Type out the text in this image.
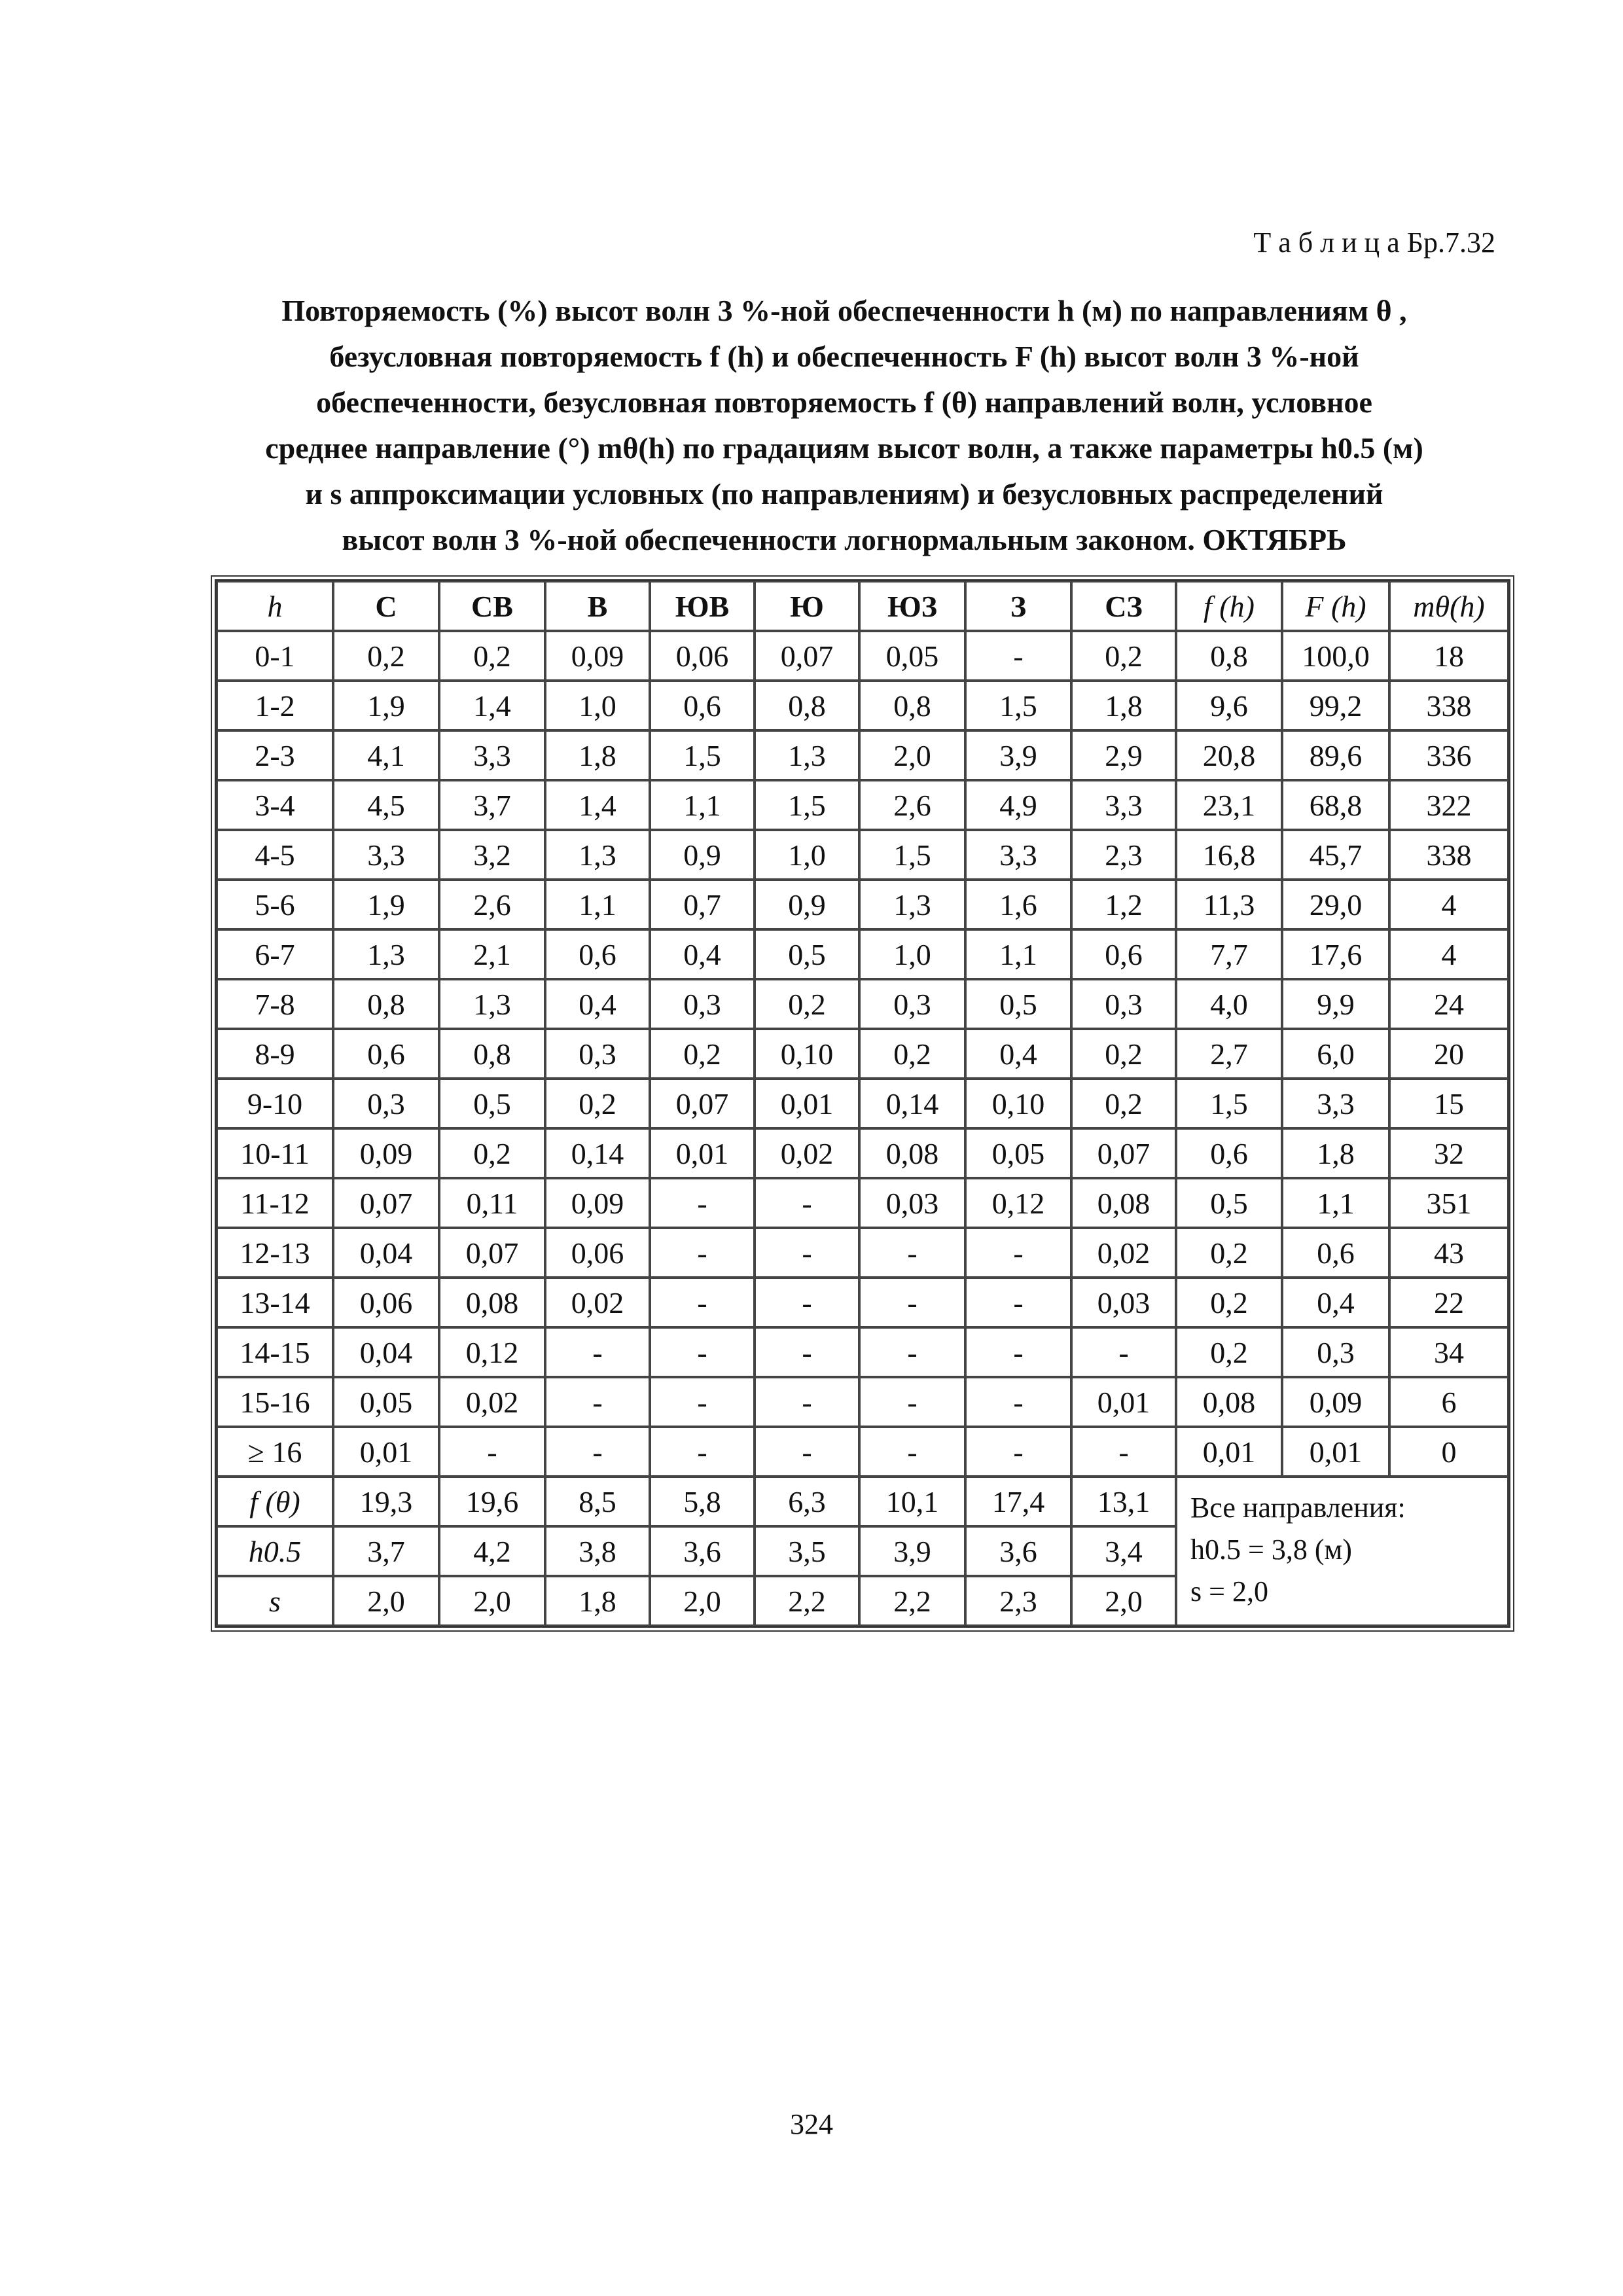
Т а б л и ц а Бр.7.32
Повторяемость (%) высот волн 3 %-ной обеспеченности h (м) по направлениям θ ,
безусловная повторяемость f (h) и обеспеченность F (h) высот волн 3 %-ной
обеспеченности, безусловная повторяемость f (θ) направлений волн, условное
среднее направление (°) mθ(h) по градациям высот волн, а также параметры h0.5 (м)
и s аппроксимации условных (по направлениям) и безусловных распределений
высот волн 3 %-ной обеспеченности логнормальным законом. ОКТЯБРЬ
h	С	СВ	В	ЮВ	Ю	ЮЗ	З	СЗ	f (h)	F (h)	mθ(h)
0-1	0,2	0,2	0,09	0,06	0,07	0,05	-	0,2	0,8	100,0	18
1-2	1,9	1,4	1,0	0,6	0,8	0,8	1,5	1,8	9,6	99,2	338
2-3	4,1	3,3	1,8	1,5	1,3	2,0	3,9	2,9	20,8	89,6	336
3-4	4,5	3,7	1,4	1,1	1,5	2,6	4,9	3,3	23,1	68,8	322
4-5	3,3	3,2	1,3	0,9	1,0	1,5	3,3	2,3	16,8	45,7	338
5-6	1,9	2,6	1,1	0,7	0,9	1,3	1,6	1,2	11,3	29,0	4
6-7	1,3	2,1	0,6	0,4	0,5	1,0	1,1	0,6	7,7	17,6	4
7-8	0,8	1,3	0,4	0,3	0,2	0,3	0,5	0,3	4,0	9,9	24
8-9	0,6	0,8	0,3	0,2	0,10	0,2	0,4	0,2	2,7	6,0	20
9-10	0,3	0,5	0,2	0,07	0,01	0,14	0,10	0,2	1,5	3,3	15
10-11	0,09	0,2	0,14	0,01	0,02	0,08	0,05	0,07	0,6	1,8	32
11-12	0,07	0,11	0,09	-	-	0,03	0,12	0,08	0,5	1,1	351
12-13	0,04	0,07	0,06	-	-	-	-	0,02	0,2	0,6	43
13-14	0,06	0,08	0,02	-	-	-	-	0,03	0,2	0,4	22
14-15	0,04	0,12	-	-	-	-	-	-	0,2	0,3	34
15-16	0,05	0,02	-	-	-	-	-	0,01	0,08	0,09	6
≥ 16	0,01	-	-	-	-	-	-	-	0,01	0,01	0
f (θ)	19,3	19,6	8,5	5,8	6,3	10,1	17,4	13,1	Все направления:
h0.5 = 3,8 (м)
s = 2,0		

h0.5	3,7	4,2	3,8	3,6	3,5	3,9	3,6	3,4			
s	2,0	2,0	1,8	2,0	2,2	2,2	2,3	2,0			
324
